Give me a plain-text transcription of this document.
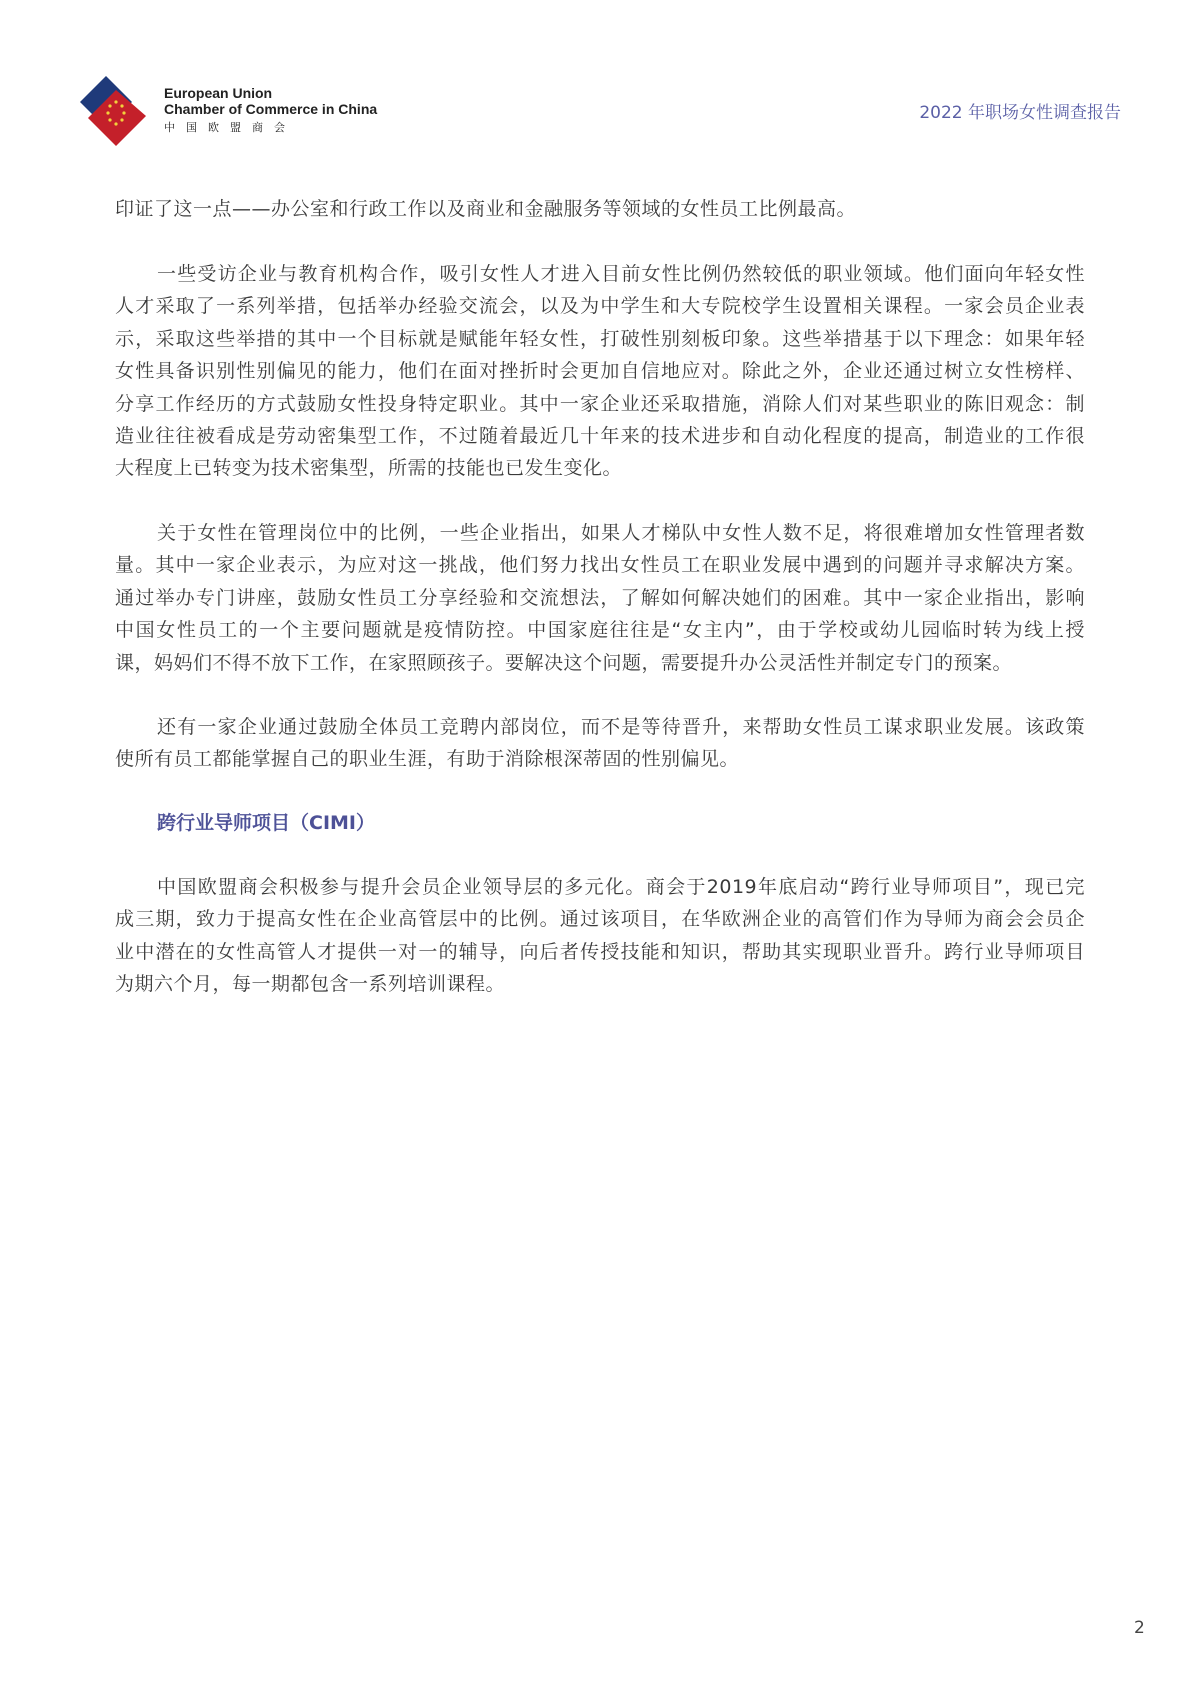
European Union
Chamber of Commerce in China
中国欧盟商会
2022 年职场女性调查报告
印证了这一点——办公室和行政工作以及商业和金融服务等领域的女性员工比例最高。
一些受访企业与教育机构合作，吸引女性人才进入目前女性比例仍然较低的职业领域。他们面向年轻女性
人才采取了一系列举措，包括举办经验交流会，以及为中学生和大专院校学生设置相关课程。一家会员企业表
示，采取这些举措的其中一个目标就是赋能年轻女性，打破性别刻板印象。这些举措基于以下理念：如果年轻
女性具备识别性别偏见的能力，他们在面对挫折时会更加自信地应对。除此之外，企业还通过树立女性榜样、
分享工作经历的方式鼓励女性投身特定职业。其中一家企业还采取措施，消除人们对某些职业的陈旧观念：制
造业往往被看成是劳动密集型工作，不过随着最近几十年来的技术进步和自动化程度的提高，制造业的工作很
大程度上已转变为技术密集型，所需的技能也已发生变化。
关于女性在管理岗位中的比例，一些企业指出，如果人才梯队中女性人数不足，将很难增加女性管理者数
量。其中一家企业表示，为应对这一挑战，他们努力找出女性员工在职业发展中遇到的问题并寻求解决方案。
通过举办专门讲座，鼓励女性员工分享经验和交流想法，了解如何解决她们的困难。其中一家企业指出，影响
中国女性员工的一个主要问题就是疫情防控。中国家庭往往是“女主内”，由于学校或幼儿园临时转为线上授
课，妈妈们不得不放下工作，在家照顾孩子。要解决这个问题，需要提升办公灵活性并制定专门的预案。
还有一家企业通过鼓励全体员工竞聘内部岗位，而不是等待晋升，来帮助女性员工谋求职业发展。该政策
使所有员工都能掌握自己的职业生涯，有助于消除根深蒂固的性别偏见。
跨行业导师项目（CIMI）
中国欧盟商会积极参与提升会员企业领导层的多元化。商会于2019年底启动“跨行业导师项目”，现已完
成三期，致力于提高女性在企业高管层中的比例。通过该项目，在华欧洲企业的高管们作为导师为商会会员企
业中潜在的女性高管人才提供一对一的辅导，向后者传授技能和知识，帮助其实现职业晋升。跨行业导师项目
为期六个月，每一期都包含一系列培训课程。
2
